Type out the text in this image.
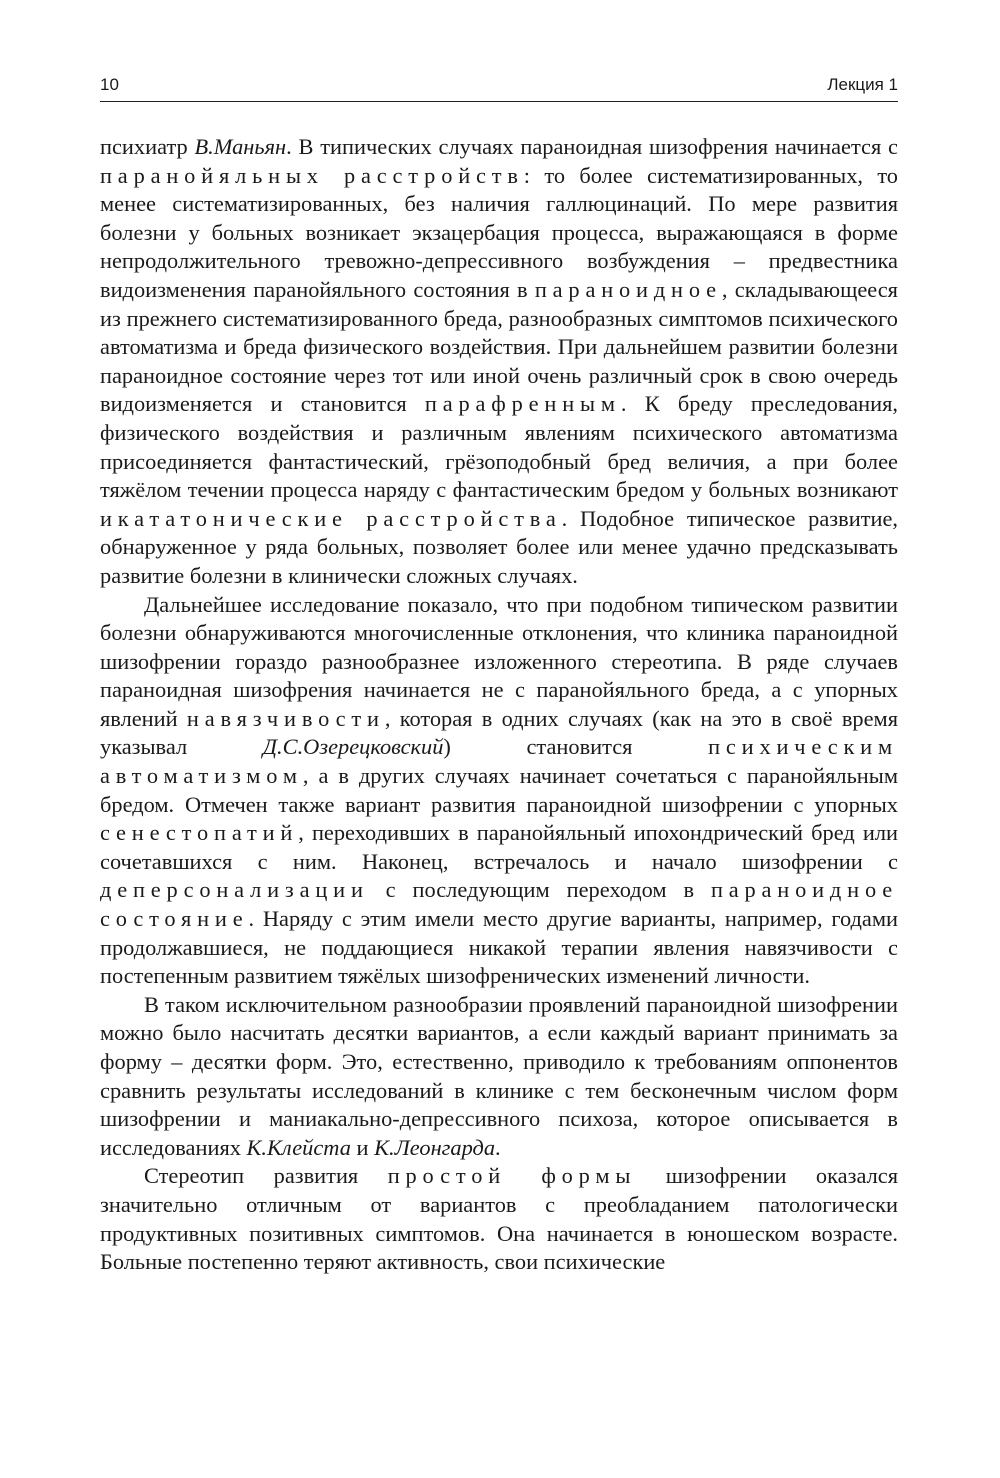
10	Лекция 1

психиатр В.Маньян. В типических случаях параноидная шизофрения начинается с паранойяльных расстройств: то более систематизированных, то менее систематизированных, без наличия галлюцинаций. По мере развития болезни у больных возникает экзацербация процесса, выражающаяся в форме непродолжительного тревожно-депрессивного возбуждения – предвестника видоизменения паранойяльного состояния в параноидное, складывающееся из прежнего систематизированного бреда, разнообразных симптомов психического автоматизма и бреда физического воздействия. При дальнейшем развитии болезни параноидное состояние через тот или иной очень различный срок в свою очередь видоизменяется и становится парафренным. К бреду преследования, физического воздействия и различным явлениям психического автоматизма присоединяется фантастический, грёзоподобный бред величия, а при более тяжёлом течении процесса наряду с фантастическим бредом у больных возникают икататонические расстройства. Подобное типическое развитие, обнаруженное у ряда больных, позволяет более или менее удачно предсказывать развитие болезни в клинически сложных случаях.

Дальнейшее исследование показало, что при подобном типическом развитии болезни обнаруживаются многочисленные отклонения, что клиника параноидной шизофрении гораздо разнообразнее изложенного стереотипа. В ряде случаев параноидная шизофрения начинается не с паранойяльного бреда, а с упорных явлений навязчивости, которая в одних случаях (как на это в своё время указывал Д.С.Озерецковский) становится психическим автоматизмом, а в других случаях начинает сочетаться с паранойяльным бредом. Отмечен также вариант развития параноидной шизофрении с упорных сенестопатий, переходивших в паранойяльный ипохондрический бред или сочетавшихся с ним. Наконец, встречалось и начало шизофрении с деперсонализации с последующим переходом в параноидное состояние. Наряду с этим имели место другие варианты, например, годами продолжавшиеся, не поддающиеся никакой терапии явления навязчивости с постепенным развитием тяжёлых шизофренических изменений личности.

В таком исключительном разнообразии проявлений параноидной шизофрении можно было насчитать десятки вариантов, а если каждый вариант принимать за форму – десятки форм. Это, естественно, приводило к требованиям оппонентов сравнить результаты исследований в клинике с тем бесконечным числом форм шизофрении и маниакально-депрессивного психоза, которое описывается в исследованиях К.Клейста и К.Леонгарда.

Стереотип развития простой формы шизофрении оказался значительно отличным от вариантов с преобладанием патологически продуктивных позитивных симптомов. Она начинается в юношеском возрасте. Больные постепенно теряют активность, свои психические
